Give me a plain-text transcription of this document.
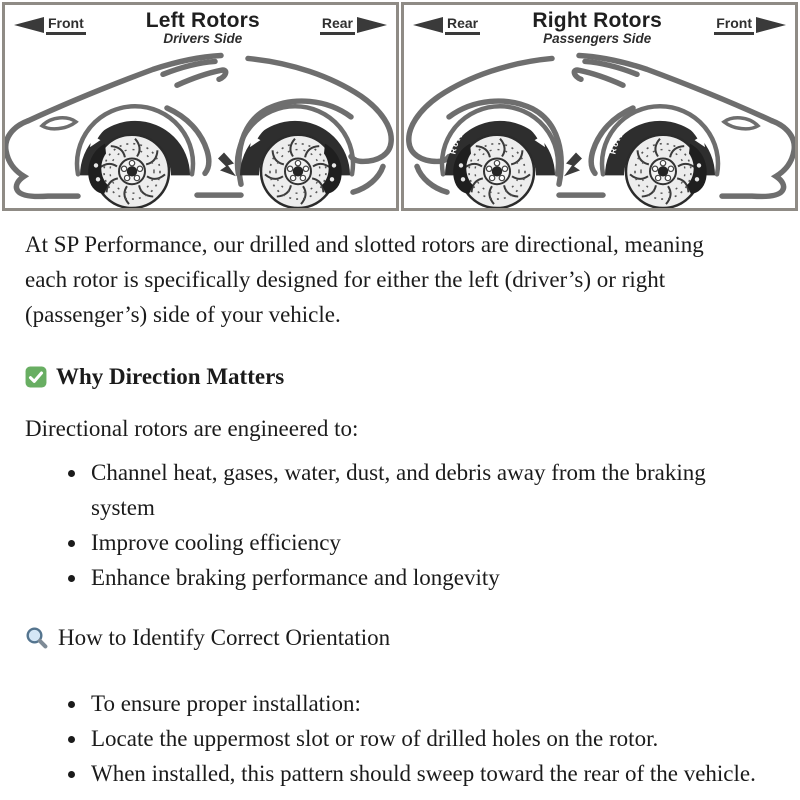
Rotation
Rotation
Front	Left Rotors
Drivers Side
Rear
Rotation
Rotation
Rear	Right Rotors
Passengers Side
Front

At SP Performance, our drilled and slotted rotors are directional, meaning each rotor is specifically designed for either the left (driver’s) or right (passenger’s) side of your vehicle.

Why Direction Matters

Directional rotors are engineered to:

• Channel heat, gases, water, dust, and debris away from the braking system
• Improve cooling efficiency
• Enhance braking performance and longevity
How to Identify Correct Orientation
• To ensure proper installation:
• Locate the uppermost slot or row of drilled holes on the rotor.
• When installed, this pattern should sweep toward the rear of the vehicle.
